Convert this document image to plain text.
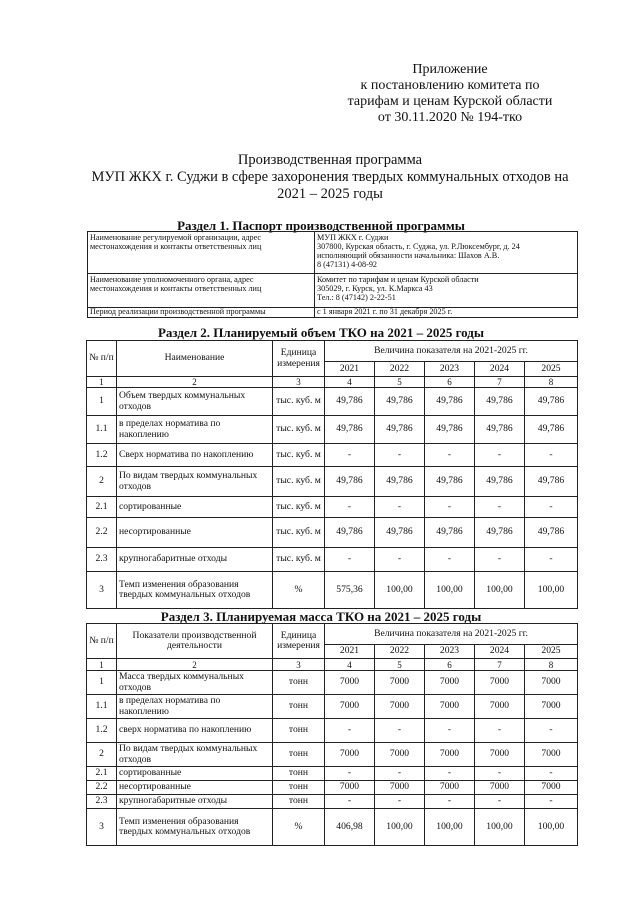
Приложение
к постановлению комитета по
тарифам и ценам Курской области
от 30.11.2020 № 194-тко
Производственная программа
МУП ЖКХ г. Суджи в сфере захоронения твердых коммунальных отходов на
2021 – 2025 годы
Раздел 1. Паспорт производственной программы
Наименование регулируемой организации, адрес местонахождения и контакты ответственных лиц	МУП ЖКХ г. Суджи
307800, Курская область, г. Суджа, ул. Р.Люксембург, д. 24
исполняющий обязанности начальника: Шахов А.В.
8 (47131) 4-08-92
Наименование уполномоченного органа, адрес местонахождения и контакты ответственных лиц	Комитет по тарифам и ценам Курской области
305029, г. Курск, ул. К.Маркса 43
Тел.: 8 (47142) 2-22-51
Период реализации производственной программы	с 1 января 2021 г. по 31 декабря 2025 г.
Раздел 2. Планируемый объем ТКО на 2021 – 2025 годы
№ п/п	Наименование	Единица измерения	Величина показателя на 2021-2025 гг.				
			2021	2022	2023	2024	2025
1	2	3	4	5	6	7	8
1	Объем твердых коммунальных отходов	тыс. куб. м	49,786	49,786	49,786	49,786	49,786
1.1	в пределах норматива по накоплению	тыс. куб. м	49,786	49,786	49,786	49,786	49,786
1.2	Сверх норматива по накоплению	тыс. куб. м	-	-	-	-	-
2	По видам твердых коммунальных отходов	тыс. куб. м	49,786	49,786	49,786	49,786	49,786
2.1	сортированные	тыс. куб. м	-	-	-	-	-
2.2	несортированные	тыс. куб. м	49,786	49,786	49,786	49,786	49,786
2.3	крупногабаритные отходы	тыс. куб. м	-	-	-	-	-
3	Темп изменения образования твердых коммунальных отходов	%	575,36	100,00	100,00	100,00	100,00
Раздел 3. Планируемая масса ТКО на 2021 – 2025 годы
№ п/п	Показатели производственной деятельности	Единица измерения	Величина показателя на 2021-2025 гг.				
			2021	2022	2023	2024	2025
1	2	3	4	5	6	7	8
1	Масса твердых коммунальных отходов	тонн	7000	7000	7000	7000	7000
1.1	в пределах норматива по накоплению	тонн	7000	7000	7000	7000	7000
1.2	сверх норматива по накоплению	тонн	-	-	-	-	-
2	По видам твердых коммунальных отходов	тонн	7000	7000	7000	7000	7000
2.1	сортированные	тонн	-	-	-	-	-
2.2	несортированные	тонн	7000	7000	7000	7000	7000
2.3	крупногабаритные отходы	тонн	-	-	-	-	-
3	Темп изменения образования твердых коммунальных отходов	%	406,98	100,00	100,00	100,00	100,00
